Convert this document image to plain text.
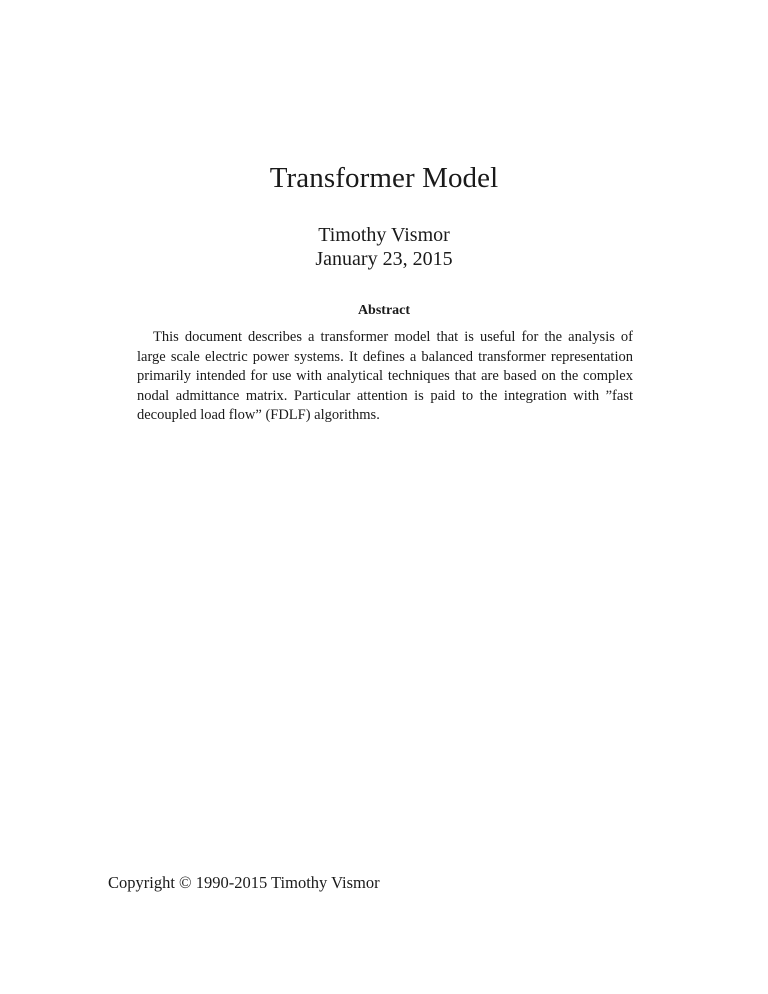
Transformer Model
Timothy Vismor
January 23, 2015
Abstract

This document describes a transformer model that is useful for the analysis of large scale electric power systems. It defines a balanced transformer representation primarily intended for use with analytical techniques that are based on the complex nodal admittance matrix. Particular attention is paid to the integration with ”fast decoupled load flow” (FDLF) algorithms.

Copyright © 1990-2015 Timothy Vismor
